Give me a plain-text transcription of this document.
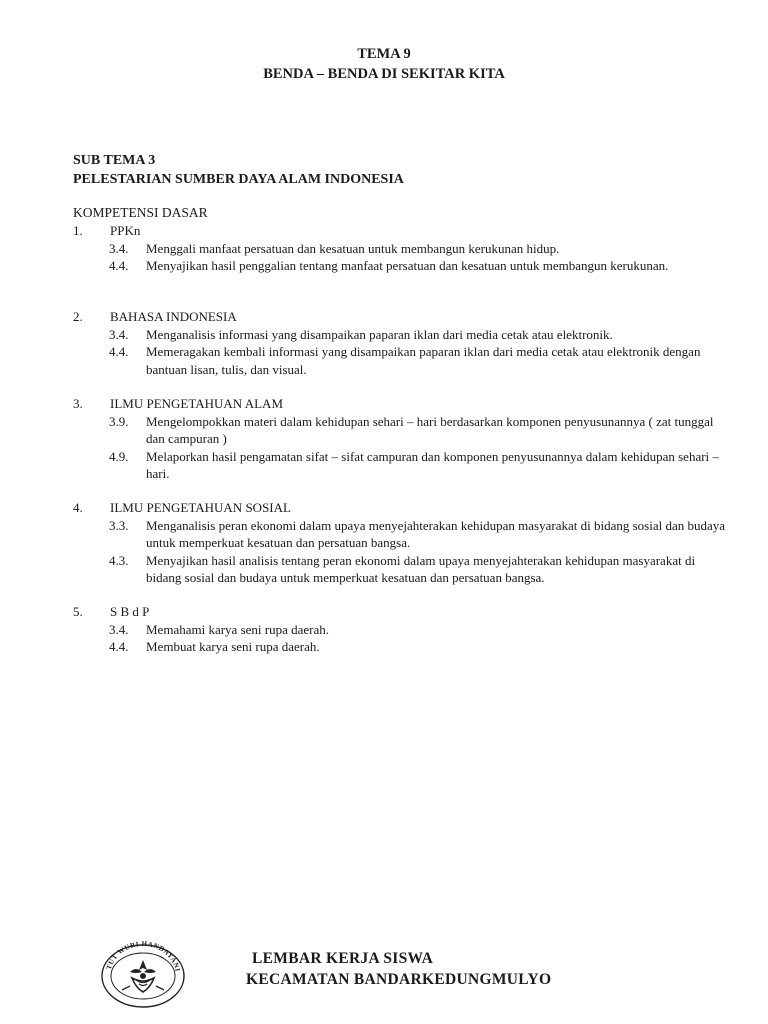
TEMA 9
BENDA – BENDA DI SEKITAR KITA
SUB TEMA 3
PELESTARIAN SUMBER DAYA ALAM INDONESIA
KOMPETENSI DASAR
1. PPKn
3.4. Menggali manfaat persatuan dan kesatuan untuk membangun kerukunan hidup.
4.4. Menyajikan hasil penggalian tentang manfaat persatuan dan kesatuan untuk membangun kerukunan.
2. BAHASA INDONESIA
3.4. Menganalisis informasi yang disampaikan paparan iklan dari media cetak atau elektronik.
4.4. Memeragakan kembali informasi yang disampaikan paparan iklan dari media cetak atau elektronik dengan bantuan lisan, tulis, dan visual.
3. ILMU PENGETAHUAN ALAM
3.9. Mengelompokkan materi dalam kehidupan sehari – hari berdasarkan komponen penyusunannya ( zat tunggal dan campuran )
4.9. Melaporkan hasil pengamatan sifat – sifat campuran dan komponen penyusunannya dalam kehidupan sehari – hari.
4. ILMU PENGETAHUAN SOSIAL
3.3. Menganalisis peran ekonomi dalam upaya menyejahterakan kehidupan masyarakat di bidang sosial dan budaya untuk memperkuat kesatuan dan persatuan bangsa.
4.3. Menyajikan hasil analisis tentang peran ekonomi dalam upaya menyejahterakan kehidupan masyarakat di bidang sosial dan budaya untuk memperkuat kesatuan dan persatuan bangsa.
5. S B d P
3.4. Memahami karya seni rupa daerah.
4.4. Membuat karya seni rupa daerah.
TUT WURI HANDAYANI
LEMBAR KERJA SISWA
KECAMATAN BANDARKEDUNGMULYO
